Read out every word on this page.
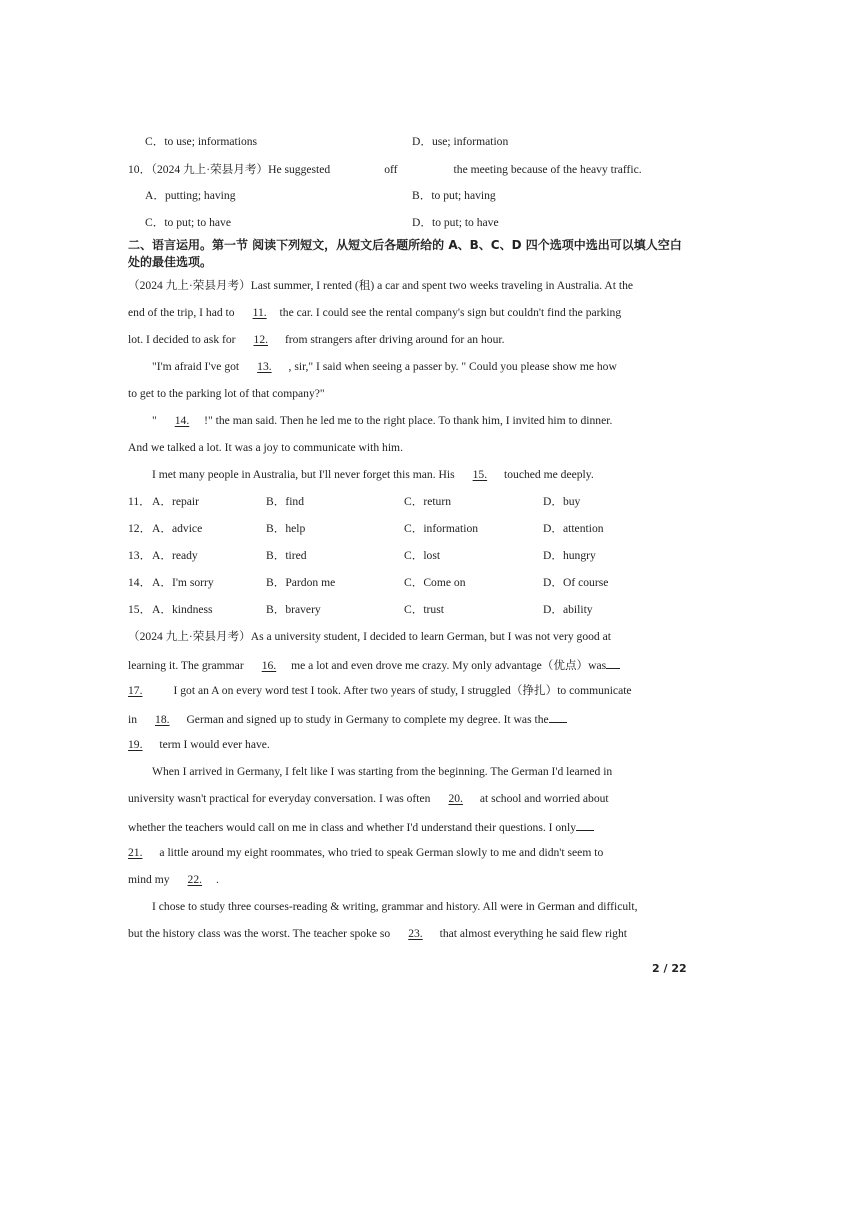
C．to use; informations	D．use; information
10．（2024 九上·荣县月考）He suggested	off	the meeting because of the heavy traffic.
A．putting; having	B．to put; having
C．to put; to have	D．to put; to have
二、语言运用。第一节 阅读下列短文，从短文后各题所给的 A、B、C、D 四个选项中选出可以填人空白处的最佳选项。
（2024 九上·荣县月考）Last summer, I rented (租) a car and spent two weeks traveling in Australia. At the
end of the trip, I had to 11. the car. I could see the rental company's sign but couldn't find the parking
lot. I decided to ask for 12. from strangers after driving around for an hour.
"I'm afraid I've got 13. , sir," I said when seeing a passer by. " Could you please show me how
to get to the parking lot of that company?"
" 14. !" the man said. Then he led me to the right place. To thank him, I invited him to dinner.
And we talked a lot. It was a joy to communicate with him.
I met many people in Australia, but I'll never forget this man. His 15. touched me deeply.
11． A．repair	B．find	C．return	D．buy
12． A．advice	B．help	C．information	D．attention
13． A．ready	B．tired	C．lost	D．hungry
14． A．I'm sorry	B．Pardon me	C．Come on	D．Of course
15． A．kindness	B．bravery	C．trust	D．ability
（2024 九上·荣县月考）As a university student, I decided to learn German, but I was not very good at
learning it. The grammar 16. me a lot and even drove me crazy. My only advantage（优点）was
17.	I got an A on every word test I took. After two years of study, I struggled（挣扎）to communicate
in 18. German and signed up to study in Germany to complete my degree. It was the
19. term I would ever have.
When I arrived in Germany, I felt like I was starting from the beginning. The German I'd learned in
university wasn't practical for everyday conversation. I was often 20. at school and worried about
whether the teachers would call on me in class and whether I'd understand their questions. I only
21. a little around my eight roommates, who tried to speak German slowly to me and didn't seem to
mind my 22. .
I chose to study three courses-reading & writing, grammar and history. All were in German and difficult,
but the history class was the worst. The teacher spoke so 23. that almost everything he said flew right
2 / 22
